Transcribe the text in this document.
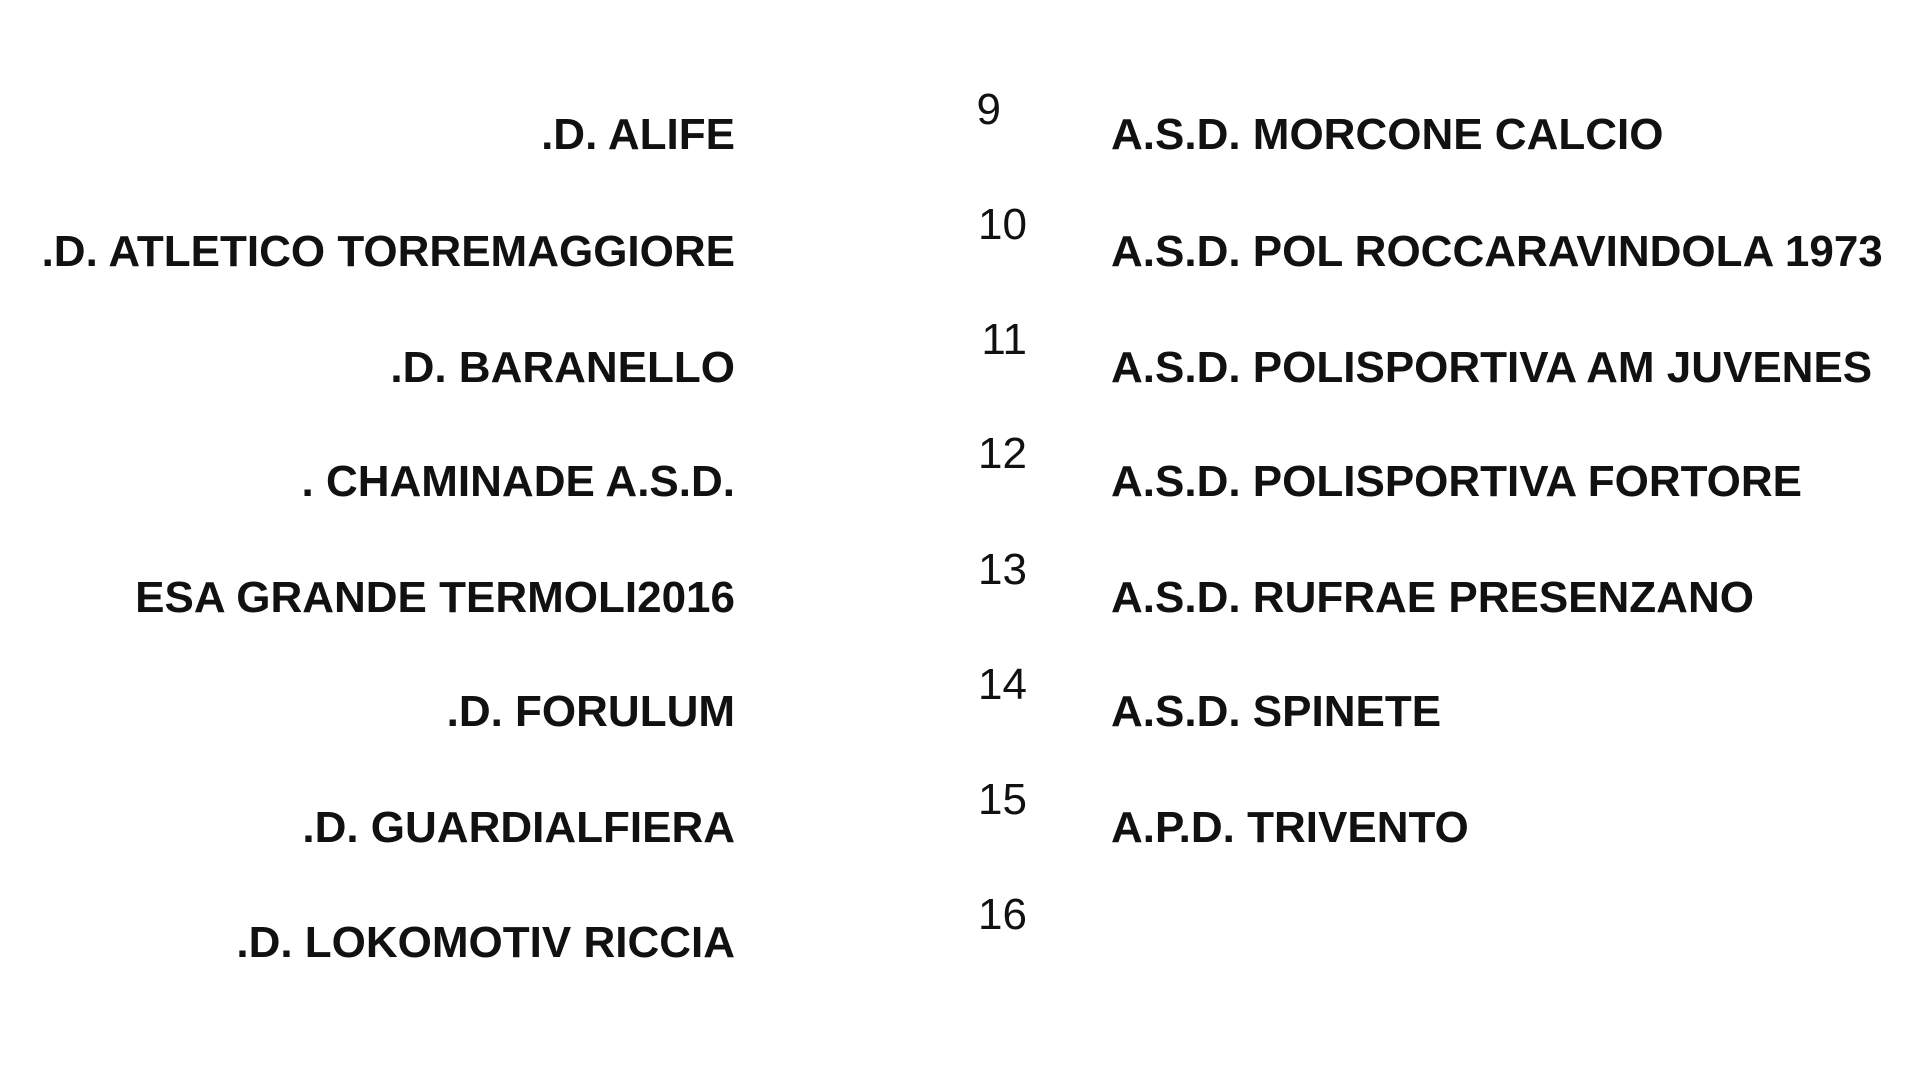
.D. ALIFE
.D. ATLETICO TORREMAGGIORE
.D. BARANELLO
. CHAMINADE A.S.D.
ESA GRANDE TERMOLI2016
.D. FORULUM
.D. GUARDIALFIERA
.D. LOKOMOTIV RICCIA
9
10
11
12
13
14
15
16
A.S.D. MORCONE CALCIO
A.S.D. POL ROCCARAVINDOLA 1973
A.S.D. POLISPORTIVA AM JUVENES
A.S.D. POLISPORTIVA FORTORE
A.S.D. RUFRAE PRESENZANO
A.S.D. SPINETE
A.P.D. TRIVENTO
